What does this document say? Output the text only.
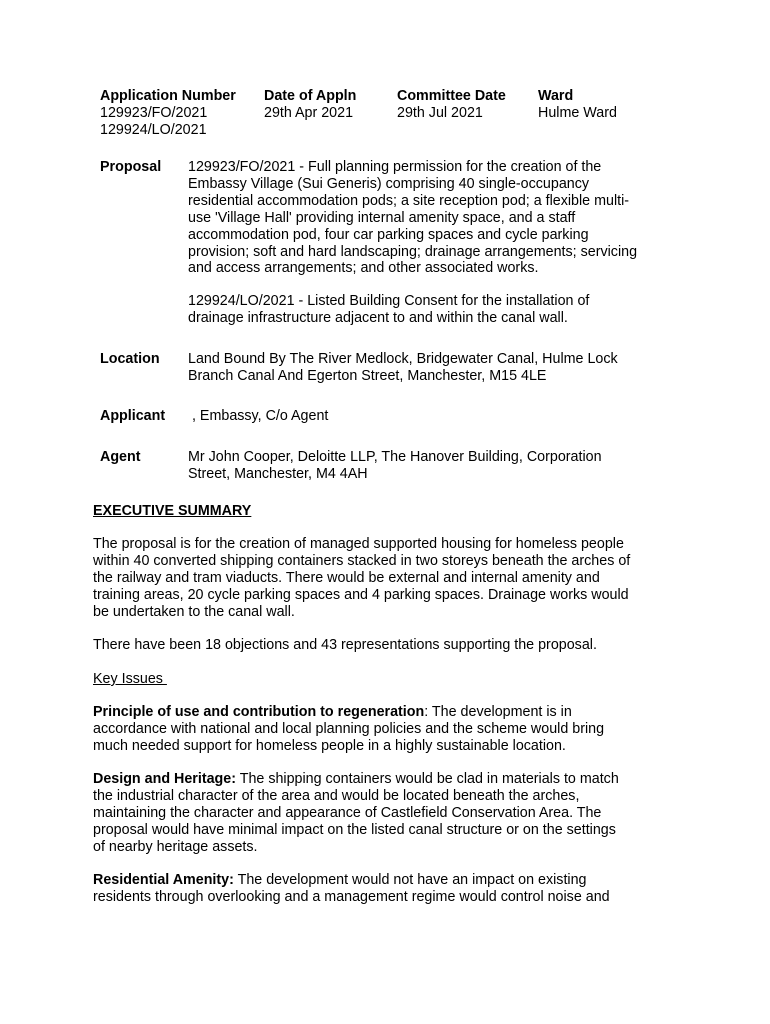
Application Number
129923/FO/2021
129924/LO/2021
Date of Appln
29th Apr 2021
Committee Date
29th Jul 2021
Ward
Hulme Ward
Proposal 129923/FO/2021 - Full planning permission for the creation of the
Embassy Village (Sui Generis) comprising 40 single-occupancy
residential accommodation pods; a site reception pod; a flexible multi-
use 'Village Hall' providing internal amenity space, and a staff
accommodation pod, four car parking spaces and cycle parking
provision; soft and hard landscaping; drainage arrangements; servicing
and access arrangements; and other associated works.
129924/LO/2021 - Listed Building Consent for the installation of
drainage infrastructure adjacent to and within the canal wall.
Location Land Bound By The River Medlock, Bridgewater Canal, Hulme Lock
Branch Canal And Egerton Street, Manchester, M15 4LE
Applicant , Embassy, C/o Agent
Agent	Mr John Cooper, Deloitte LLP, The Hanover Building, Corporation
Street, Manchester, M4 4AH
EXECUTIVE SUMMARY
The proposal is for the creation of managed supported housing for homeless people
within 40 converted shipping containers stacked in two storeys beneath the arches of
the railway and tram viaducts. There would be external and internal amenity and
training areas, 20 cycle parking spaces and 4 parking spaces. Drainage works would
be undertaken to the canal wall.
There have been 18 objections and 43 representations supporting the proposal.
Key Issues
Principle of use and contribution to regeneration: The development is in
accordance with national and local planning policies and the scheme would bring
much needed support for homeless people in a highly sustainable location.
Design and Heritage: The shipping containers would be clad in materials to match
the industrial character of the area and would be located beneath the arches,
maintaining the character and appearance of Castlefield Conservation Area. The
proposal would have minimal impact on the listed canal structure or on the settings
of nearby heritage assets.
Residential Amenity: The development would not have an impact on existing
residents through overlooking and a management regime would control noise and
